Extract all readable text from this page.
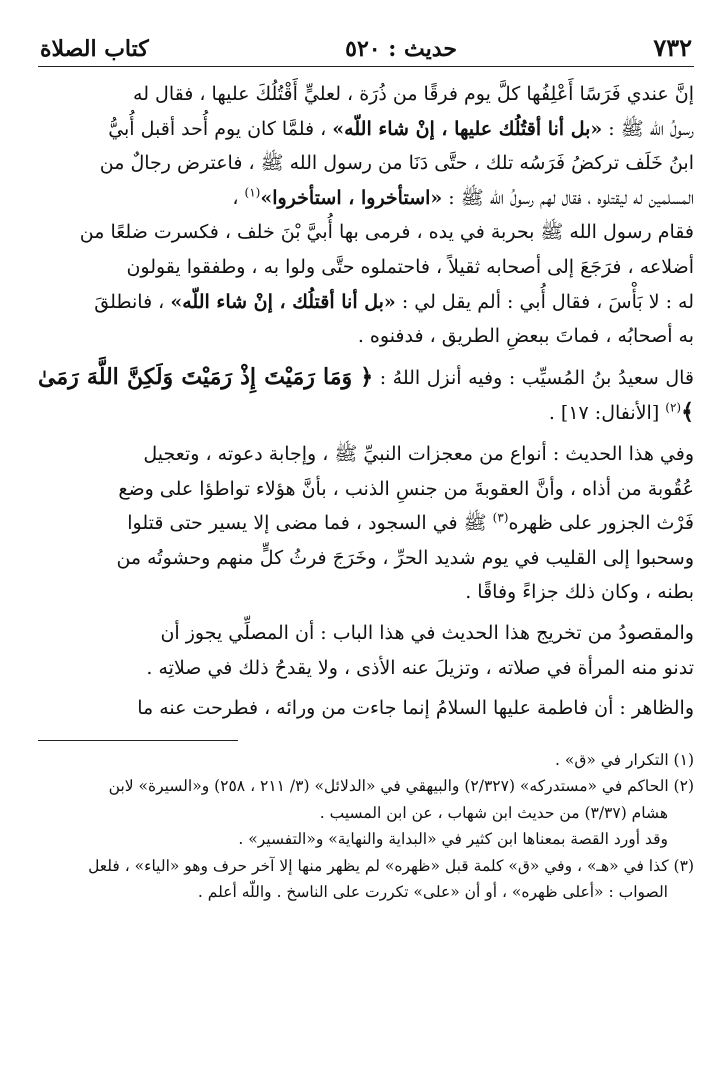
٧٣٢
حديث : ٥٢٠
كتاب الصلاة

إنَّ عندي فَرَسًا أَعْلِفُها كلَّ يوم فرقًا من ذُرَة ، لعليٍّ أَقْتُلُكَ عليها ، فقال له

رسولُ اللّه ﷺ : «بل أنا أقتُلُك عليها ، إنْ شاء اللّه» ، فلمَّا كان يوم أُحد أقبل أُبيُّ

ابنُ خَلَف تركضُ فَرَسُه تلك ، حتَّى دَنَا من رسول الله ﷺ ، فاعترض رجالٌ من

المسلمين له ليقتلوه ، فقال لهم رسولُ اللّه ﷺ : «استأخروا ، استأخروا»$^{(١)}$ ،

فقام رسول الله ﷺ بحربة في يده ، فرمى بها أُبيَّ بْنَ خلف ، فكسرت ضلعًا من

أضلاعه ، فرَجَعَ إلى أصحابه ثقيلاً ، فاحتملوه حتَّى ولوا به ، وطفقوا يقولون

له : لا بَأْسَ ، فقال أُبي : ألم يقل لي : «بل أنا أقتلُك ، إنْ شاء اللّه» ، فانطلقَ

به أصحابُه ، فماتَ ببعضِ الطريق ، فدفنوه .

قال سعيدُ بنُ المُسيِّب : وفيه أنزل اللهُ : ﴿ وَمَا رَمَيْتَ إِذْ رَمَيْتَ وَلَكِنَّ اللَّهَ رَمَىٰ ﴾$^{(٢)}$ [الأنفال: ١٧] .

وفي هذا الحديث : أنواع من معجزات النبيِّ ﷺ ، وإجابة دعوته ، وتعجيل

عُقُوبة من أذاه ، وأنَّ العقوبةَ من جنسِ الذنب ، بأنَّ هؤلاء تواطؤا على وضع

فَرْث الجزور على ظهره$^{(٣)}$ ﷺ في السجود ، فما مضى إلا يسير حتى قتلوا

وسحبوا إلى القليب في يوم شديد الحرِّ ، وخَرَجَ فرثُ كلٍّ منهم وحشوتُه من

بطنه ، وكان ذلك جزاءً وفاقًا .

والمقصودُ من تخريج هذا الحديث في هذا الباب : أن المصلِّي يجوز أن

تدنو منه المرأة في صلاته ، وتزيلَ عنه الأذى ، ولا يقدحُ ذلك في صلاتِه .

والظاهر : أن فاطمة عليها السلامُ إنما جاءت من ورائه ، فطرحت عنه ما

(١) التكرار في «ق» .

(٢) الحاكم في «مستدركه» (٢/٣٢٧) والبيهقي في «الدلائل» (٣/ ٢١١ ، ٢٥٨) و«السيرة» لابن

هشام (٣/٣٧) من حديث ابن شهاب ، عن ابن المسيب .

وقد أورد القصة بمعناها ابن كثير في «البداية والنهاية» و«التفسير» .

(٣) كذا في «هـ» ، وفي «ق» كلمة قبل «ظهره» لم يظهر منها إلا آخر حرف وهو «الياء» ، فلعل

الصواب : «أعلى ظهره» ، أو أن «على» تكررت على الناسخ . واللّه أعلم .
